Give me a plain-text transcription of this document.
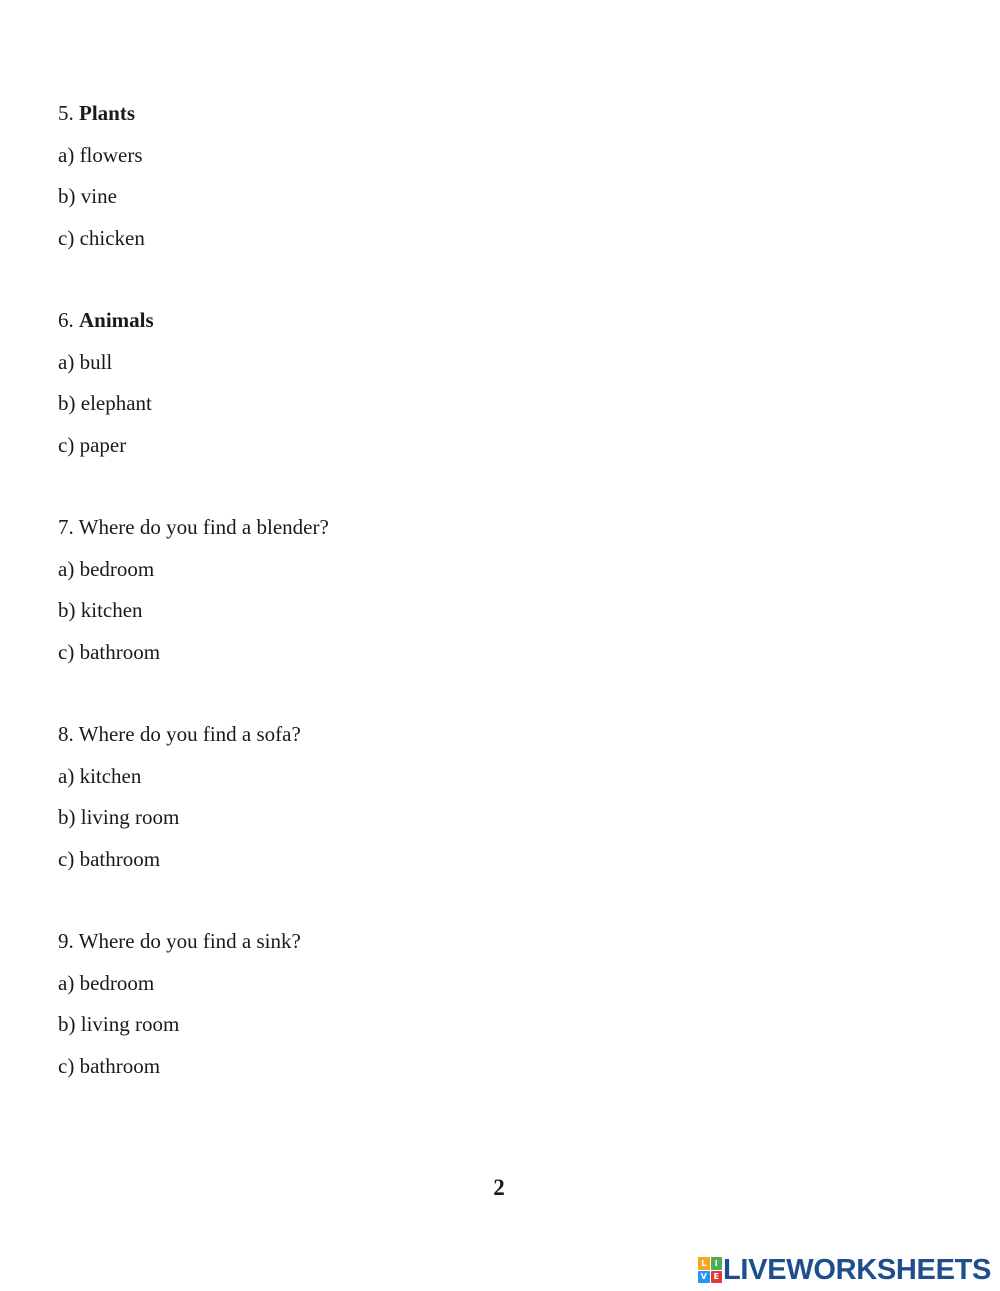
5. Plants
a) flowers
b) vine
c) chicken
6. Animals
a) bull
b) elephant
c) paper
7. Where do you find a blender?
a) bedroom
b) kitchen
c) bathroom
8. Where do you find a sofa?
a) kitchen
b) living room
c) bathroom
9. Where do you find a sink?
a) bedroom
b) living room
c) bathroom
2
L	I
V E LIVEWORKSHEETS
